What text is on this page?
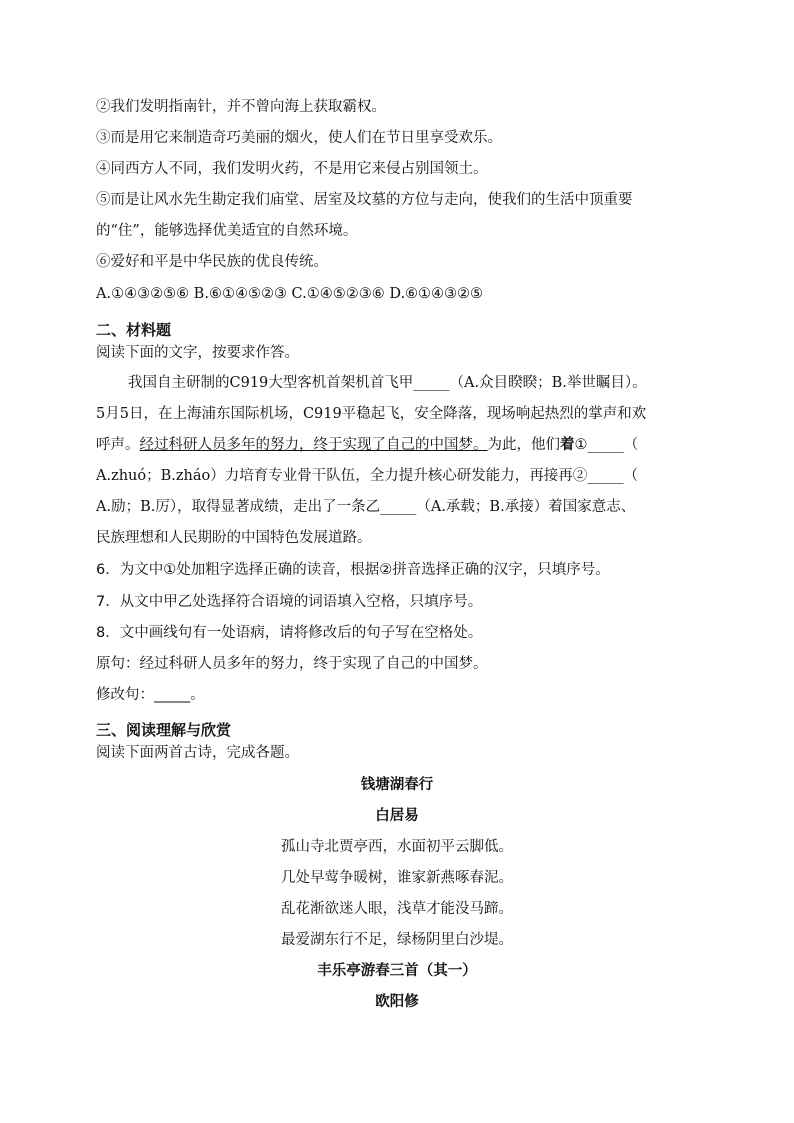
②我们发明指南针，并不曾向海上获取霸权。
③而是用它来制造奇巧美丽的烟火，使人们在节日里享受欢乐。
④同西方人不同，我们发明火药，不是用它来侵占别国领土。
⑤而是让风水先生勘定我们庙堂、居室及坟墓的方位与走向，使我们的生活中顶重要
的“住”，能够选择优美适宜的自然环境。
⑥爱好和平是中华民族的优良传统。
A.①④③②⑤⑥ B.⑥①④⑤②③ C.①④⑤②③⑥ D.⑥①④③②⑤
二、材料题
阅读下面的文字，按要求作答。
我国自主研制的C919大型客机首架机首飞甲_____（A.众目睽睽；B.举世瞩目）。
5月5日，在上海浦东国际机场，C919平稳起飞，安全降落，现场响起热烈的掌声和欢
呼声。经过科研人员多年的努力，终于实现了自己的中国梦。为此，他们着①_____（
A.zhuó；B.zháo）力培育专业骨干队伍，全力提升核心研发能力，再接再②_____（
A.励；B.厉），取得显著成绩，走出了一条乙_____（A.承载；B.承接）着国家意志、
民族理想和人民期盼的中国特色发展道路。
6．为文中①处加粗字选择正确的读音，根据②拼音选择正确的汉字，只填序号。
7．从文中甲乙处选择符合语境的词语填入空格，只填序号。
8．文中画线句有一处语病，请将修改后的句子写在空格处。
原句：经过科研人员多年的努力，终于实现了自己的中国梦。
修改句：_____。
三、阅读理解与欣赏
阅读下面两首古诗，完成各题。
钱塘湖春行
白居易
孤山寺北贾亭西，水面初平云脚低。
几处早莺争暖树，谁家新燕啄春泥。
乱花渐欲迷人眼，浅草才能没马蹄。
最爱湖东行不足，绿杨阴里白沙堤。
丰乐亭游春三首（其一）
欧阳修
